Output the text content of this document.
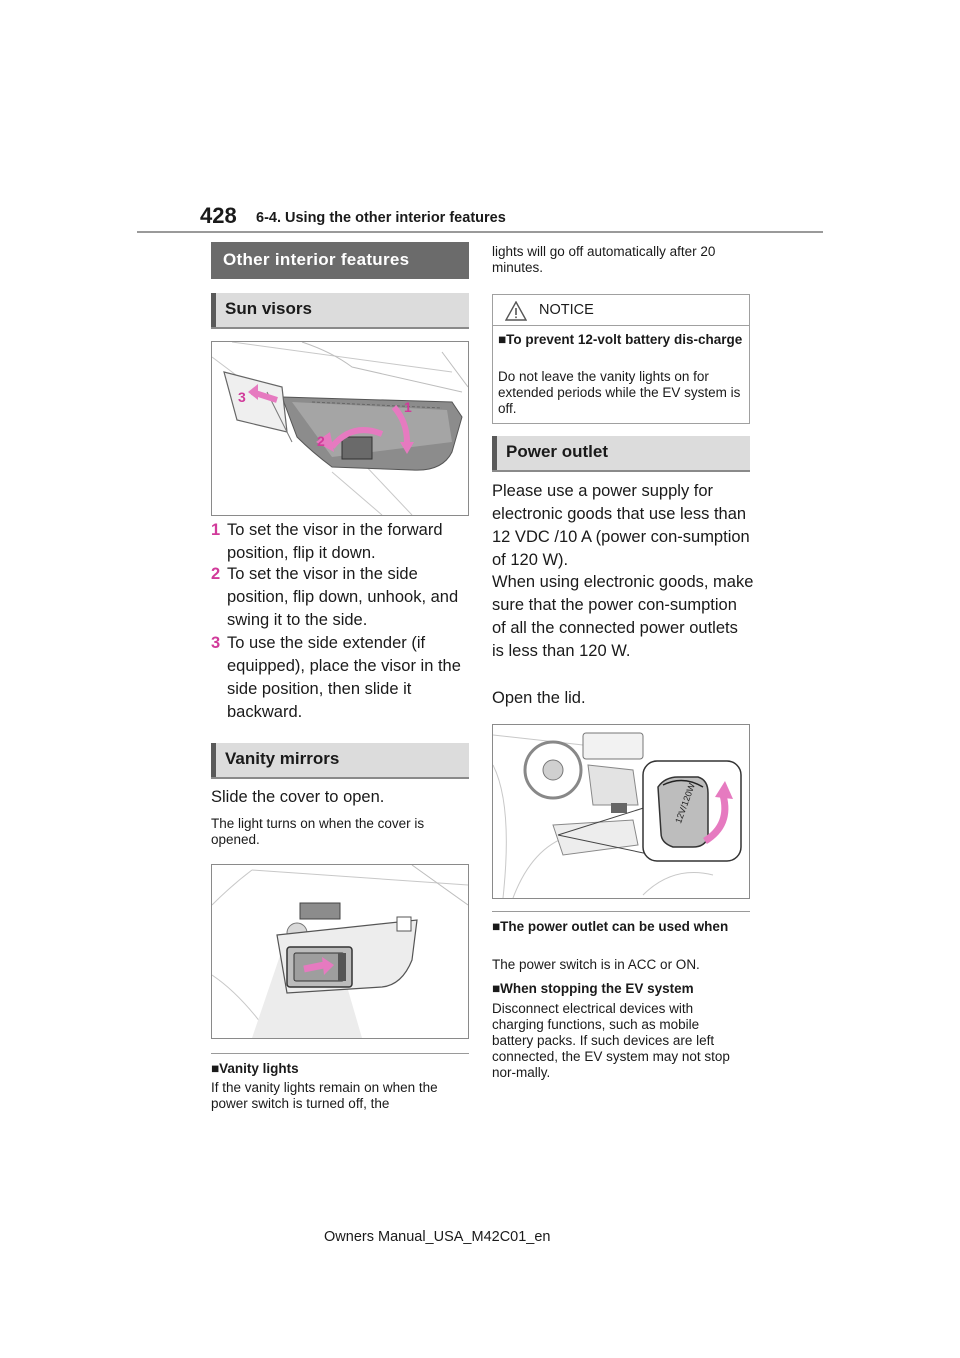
428 6-4. Using the other interior features
Other interior features
Sun visors
3
2
1
1 To set the visor in the forward position, flip it down.
2 To set the visor in the side position, flip down, unhook, and swing it to the side.
3 To use the side extender (if equipped), place the visor in the side position, then slide it backward.
Vanity mirrors
Slide the cover to open.
The light turns on when the cover is opened.
■Vanity lights
If the vanity lights remain on when the power switch is turned off, the
lights will go off automatically after 20 minutes.
NOTICE
■To prevent 12-volt battery dis-charge
Do not leave the vanity lights on for extended periods while the EV system is off.
Power outlet
Please use a power supply for electronic goods that use less than 12 VDC /10 A (power con-sumption of 120 W).
When using electronic goods, make sure that the power con-sumption of all the connected power outlets is less than 120 W.
Open the lid.
12V/120W
■The power outlet can be used when
The power switch is in ACC or ON.
■When stopping the EV system
Disconnect electrical devices with charging functions, such as mobile battery packs. If such devices are left connected, the EV system may not stop nor-mally.
Owners Manual_USA_M42C01_en
